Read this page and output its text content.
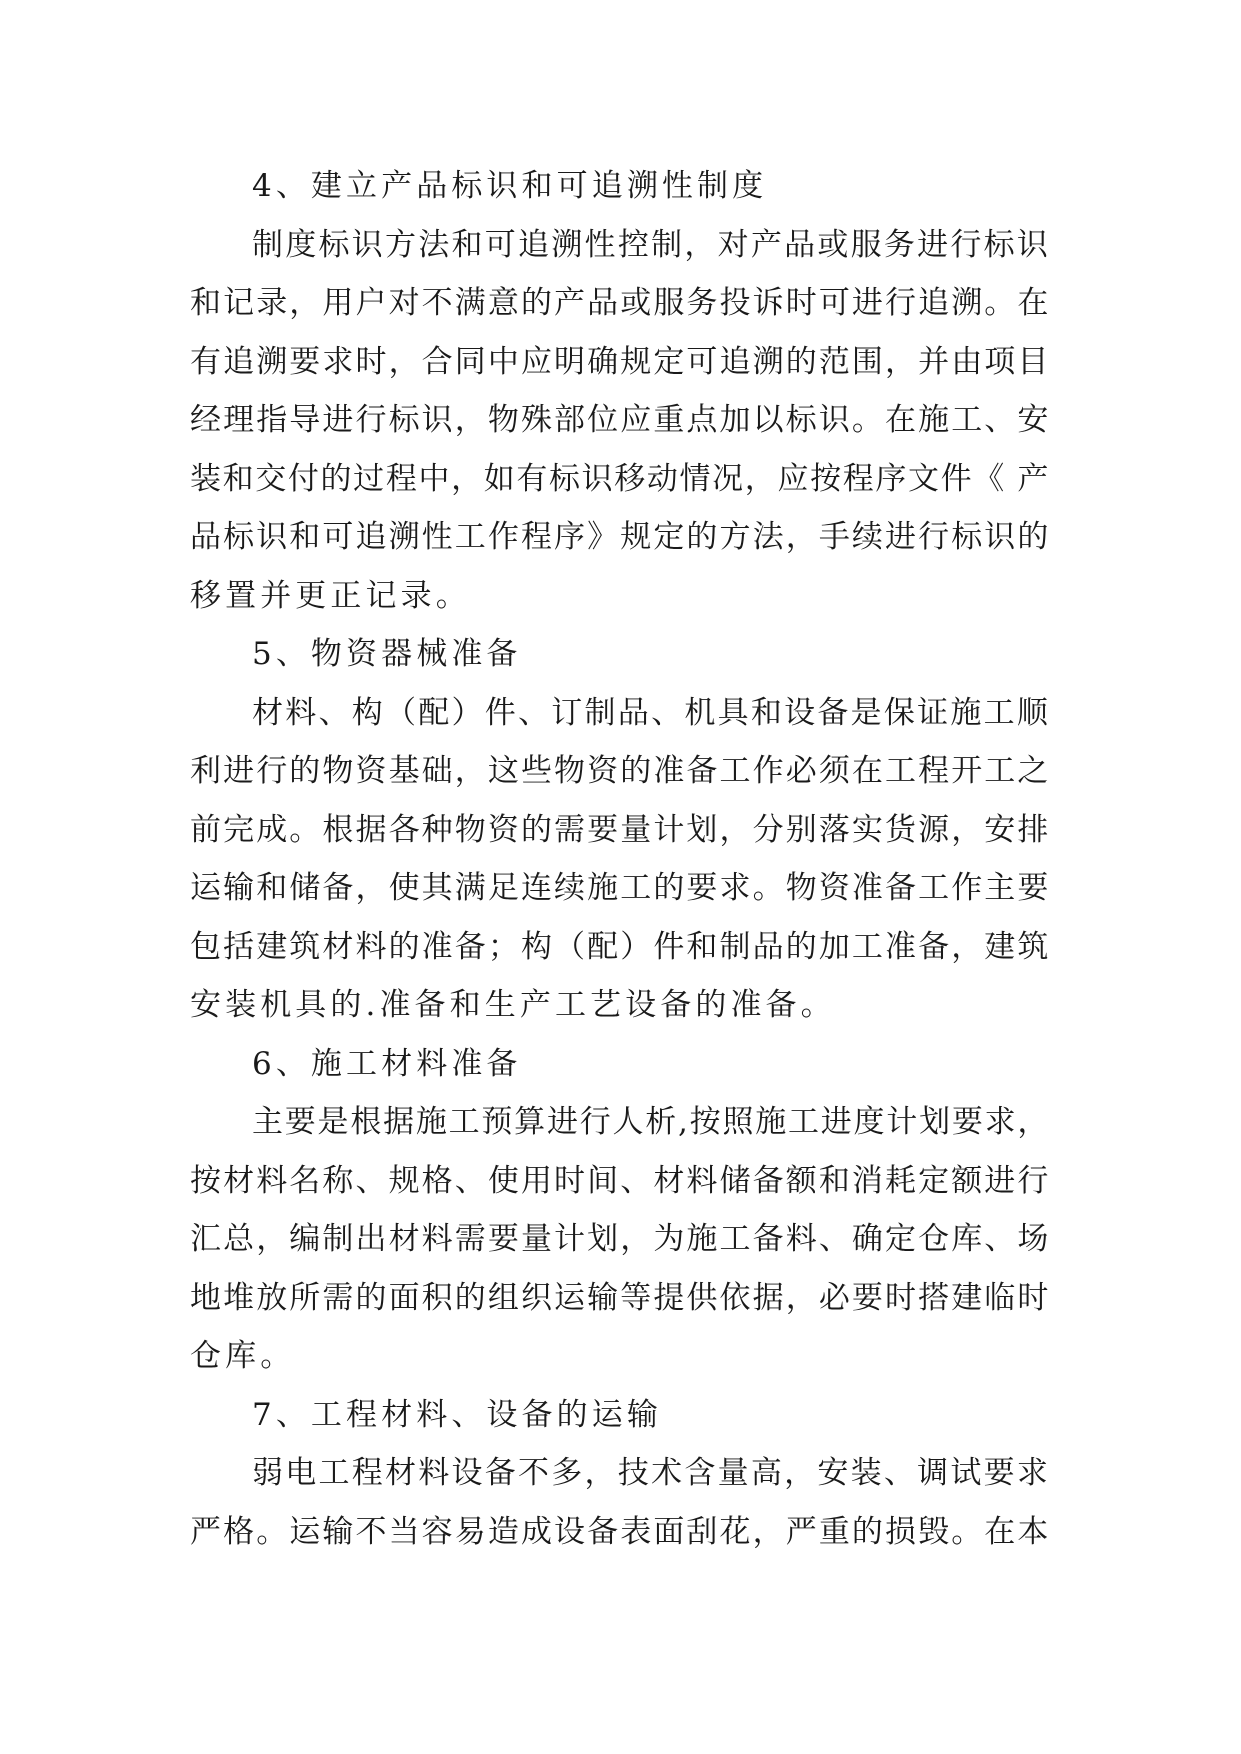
4、建立产品标识和可追溯性制度
制度标识方法和可追溯性控制，对产品或服务进行标识
和记录，用户对不满意的产品或服务投诉时可进行追溯。在
有追溯要求时，合同中应明确规定可追溯的范围，并由项目
经理指导进行标识，物殊部位应重点加以标识。在施工、安
装和交付的过程中，如有标识移动情况，应按程序文件《 产
品标识和可追溯性工作程序》规定的方法，手续进行标识的
移置并更正记录。
5、物资器械准备
材料、构（配）件、订制品、机具和设备是保证施工顺
利进行的物资基础，这些物资的准备工作必须在工程开工之
前完成。根据各种物资的需要量计划，分别落实货源，安排
运输和储备，使其满足连续施工的要求。物资准备工作主要
包括建筑材料的准备；构（配）件和制品的加工准备，建筑
安装机具的.准备和生产工艺设备的准备。
6、施工材料准备
主要是根据施工预算进行人析,按照施工进度计划要求，
按材料名称、规格、使用时间、材料储备额和消耗定额进行
汇总，编制出材料需要量计划，为施工备料、确定仓库、场
地堆放所需的面积的组织运输等提供依据，必要时搭建临时
仓库。
7、工程材料、设备的运输
弱电工程材料设备不多，技术含量高，安装、调试要求
严格。运输不当容易造成设备表面刮花，严重的损毁。在本
